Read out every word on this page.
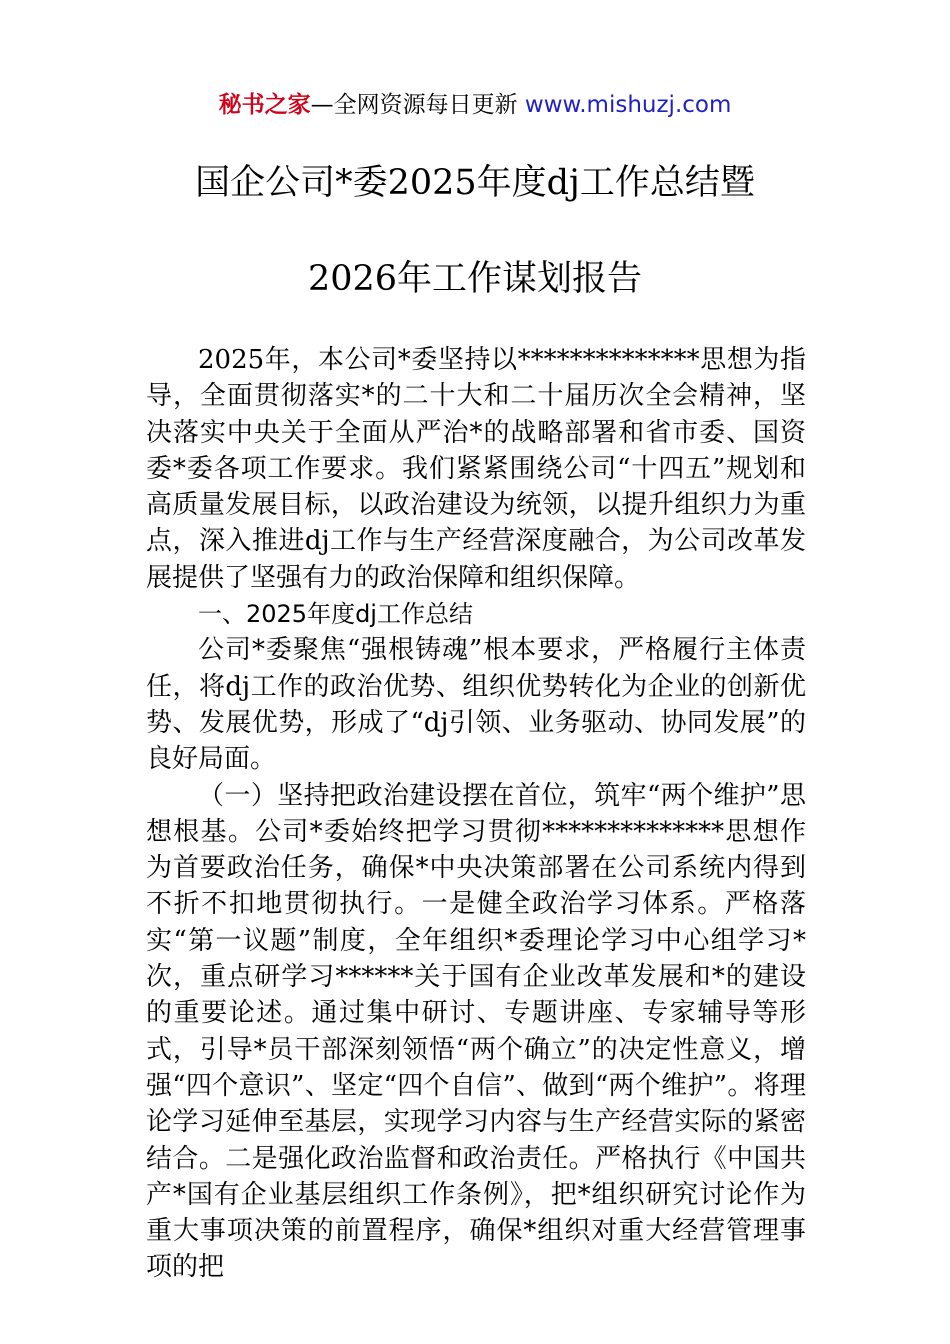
秘书之家—全网资源每日更新 www.mishuzj.com
国企公司*委2025年度dj工作总结暨
2026年工作谋划报告

2025年，本公司*委坚持以**************思想为指导，全面贯彻落实*的二十大和二十届历次全会精神，坚决落实中央关于全面从严治*的战略部署和省市委、国资委*委各项工作要求。我们紧紧围绕公司“十四五”规划和高质量发展目标，以政治建设为统领，以提升组织力为重点，深入推进dj工作与生产经营深度融合，为公司改革发展提供了坚强有力的政治保障和组织保障。

一、2025年度dj工作总结

公司*委聚焦“强根铸魂”根本要求，严格履行主体责任，将dj工作的政治优势、组织优势转化为企业的创新优势、发展优势，形成了“dj引领、业务驱动、协同发展”的良好局面。

（一）坚持把政治建设摆在首位，筑牢“两个维护”思想根基。公司*委始终把学习贯彻**************思想作为首要政治任务，确保*中央决策部署在公司系统内得到不折不扣地贯彻执行。一是健全政治学习体系。严格落实“第一议题”制度，全年组织*委理论学习中心组学习*次，重点研学习******关于国有企业改革发展和*的建设的重要论述。通过集中研讨、专题讲座、专家辅导等形式，引导*员干部深刻领悟“两个确立”的决定性意义，增强“四个意识”、坚定“四个自信”、做到“两个维护”。将理论学习延伸至基层，实现学习内容与生产经营实际的紧密结合。二是强化政治监督和政治责任。严格执行《中国共产*国有企业基层组织工作条例》，把*组织研究讨论作为重大事项决策的前置程序，确保*组织对重大经营管理事项的把
